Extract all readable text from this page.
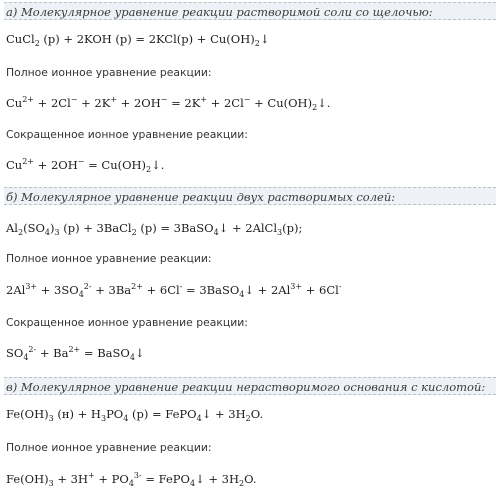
а) Молекулярное уравнение реакции растворимой соли со щелочью:
CuCl$_2$ (р) + 2KOH $(р) = 2KCl(р) + Cu(OH)_2↓$
Полное ионное уравнение реакции:
$Cu^{2+} + 2Cl^- + 2K^+ + 2OH^- = 2K^+ + 2Cl^-$ + $Cu(OH)_2↓$.
Сокращенное ионное уравнение реакции:
$Cu^{2+} + 2OH^-$ = $Cu(OH)_2↓$.
б) Молекулярное уравнение реакции двух растворимых солей:
$Al_2(SO_4)_3$ (р) + 3BaCl$_2$ (р) = 3BaSO$_4$↓ + 2AlCl$_3$(р);
Полное ионное уравнение реакции:
$2Al^{3+} + 3SO_4^{2-} + 3Ba^{2+} + 6Cl^-$ = 3BaSO$_4$↓ + $2Al^{3+} + 6Cl^-$
Сокращенное ионное уравнение реакции:
$SO_4^{2-} + Ba^{2+}$ = BaSO$_4$↓
в) Молекулярное уравнение реакции нерастворимого основания с кислотой:
$Fe(OH)_3$ $(н) + H_3PO_4$ (р) = FePO$_4$↓ + $3H_2O$.
Полное ионное уравнение реакции:
$Fe(OH)_3 + 3H^+ + PO_4^{3-}$ = FePO$_4$↓ + $3H_2O$.
